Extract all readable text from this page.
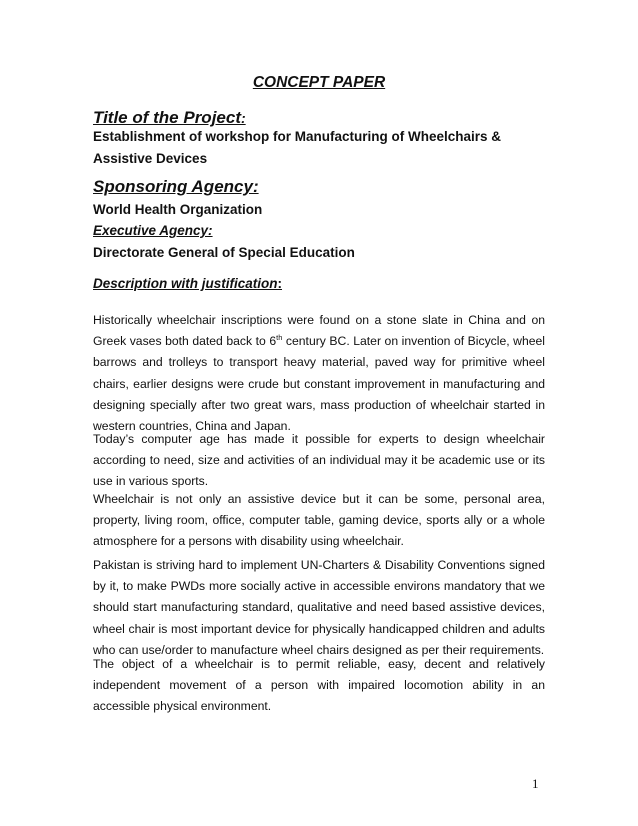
CONCEPT PAPER
Title of the Project:
Establishment of workshop for Manufacturing of Wheelchairs & Assistive Devices
Sponsoring Agency:
World Health Organization
Executive Agency:
Directorate General of Special Education
Description with justification:
Historically wheelchair inscriptions were found on a stone slate in China and on Greek vases both dated back to 6th century BC. Later on invention of Bicycle, wheel barrows and trolleys to transport heavy material, paved way for primitive wheel chairs, earlier designs were crude but constant improvement in manufacturing and designing specially after two great wars, mass production of wheelchair started in western countries, China and Japan.
Today’s computer age has made it possible for experts to design wheelchair according to need, size and activities of an individual may it be academic use or its use in various sports.
Wheelchair is not only an assistive device but it can be some, personal area, property, living room, office, computer table, gaming device, sports ally or a whole atmosphere for a persons with disability using wheelchair.
Pakistan is striving hard to implement UN-Charters & Disability Conventions signed by it, to make PWDs more socially active in accessible environs mandatory that we should start manufacturing standard, qualitative and need based assistive devices, wheel chair is most important device for physically handicapped children and adults who can use/order to manufacture wheel chairs designed as per their requirements.
The object of a wheelchair is to permit reliable, easy, decent and relatively independent movement of a person with impaired locomotion ability in an accessible physical environment.
1
